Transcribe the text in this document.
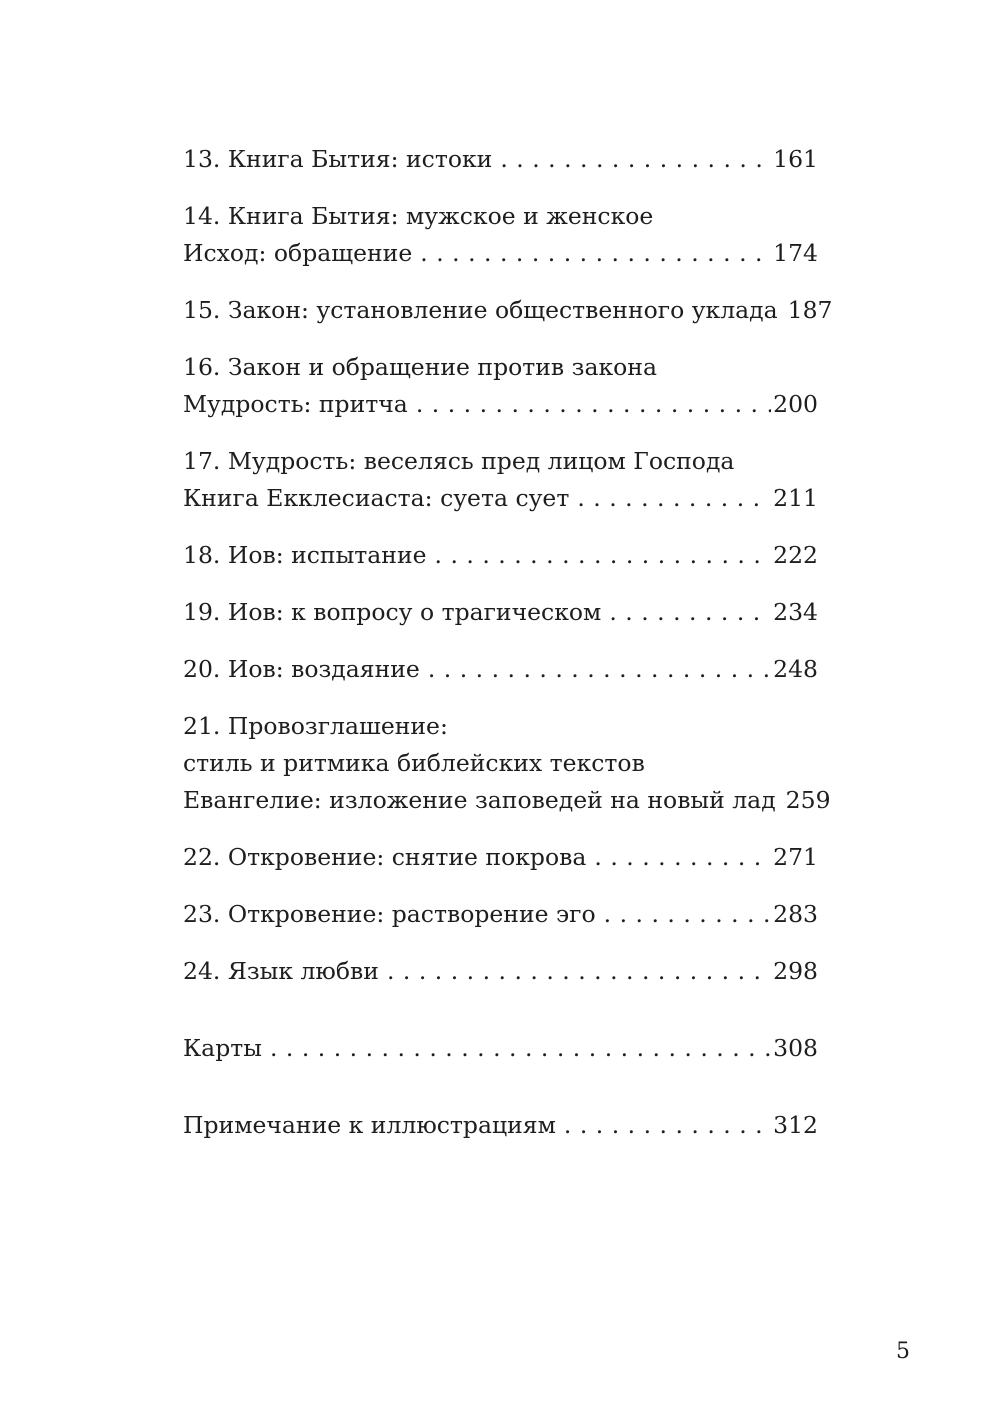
13. Книга Бытия: истоки . . .	161
14. Книга Бытия: мужское и женское
Исход: обращение . . .	174
15. Закон: установление общественного уклада . . . 187
16. Закон и обращение против закона
Мудрость: притча . . .	200
17. Мудрость: веселясь пред лицом Господа
Книга Екклесиаста: суета сует . . .	211
18. Иов: испытание . . .	222
19. Иов: к вопросу о трагическом . . .	234
20. Иов: воздаяние . . .	248
21. Провозглашение:
стиль и ритмика библейских текстов
Евангелие: изложение заповедей на новый лад . . . 259
22. Откровение: снятие покрова . . .	271
23. Откровение: растворение эго . . .	283
24. Язык любви . . .	298
Карты . . .	308
Примечание к иллюстрациям . . .	312
5
